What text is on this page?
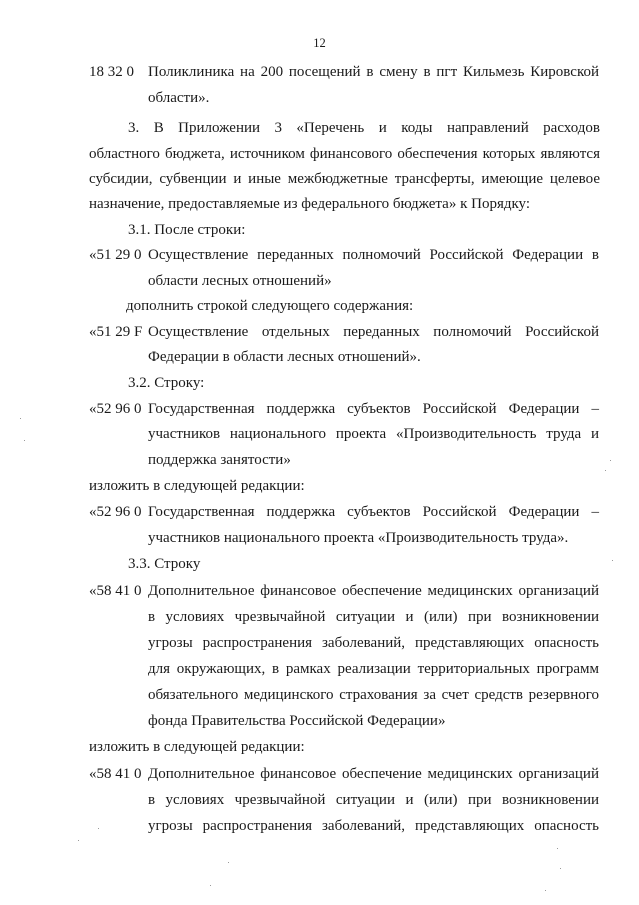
12
18 32 0 Поликлиника на 200 посещений в смену в пгт Кильмезь Кировской
области».
3. В Приложении 3 «Перечень и коды направлений расходов
областного бюджета, источником финансового обеспечения которых являются
субсидии, субвенции и иные межбюджетные трансферты, имеющие целевое
назначение, предоставляемые из федерального бюджета» к Порядку:
3.1. После строки:
«51 29 0 Осуществление переданных полномочий Российской Федерации в
области лесных отношений»
дополнить строкой следующего содержания:
«51 29 F Осуществление отдельных переданных полномочий Российской
Федерации в области лесных отношений».
3.2. Строку:
«52 96 0 Государственная поддержка субъектов Российской Федерации –
участников национального проекта «Производительность труда и
поддержка занятости»
изложить в следующей редакции:
«52 96 0 Государственная поддержка субъектов Российской Федерации –
участников национального проекта «Производительность труда».
3.3. Строку
«58 41 0 Дополнительное финансовое обеспечение медицинских организаций
в условиях чрезвычайной ситуации и (или) при возникновении
угрозы распространения заболеваний, представляющих опасность
для окружающих, в рамках реализации территориальных программ
обязательного медицинского страхования за счет средств резервного
фонда Правительства Российской Федерации»
изложить в следующей редакции:
«58 41 0 Дополнительное финансовое обеспечение медицинских организаций
в условиях чрезвычайной ситуации и (или) при возникновении
угрозы распространения заболеваний, представляющих опасность
